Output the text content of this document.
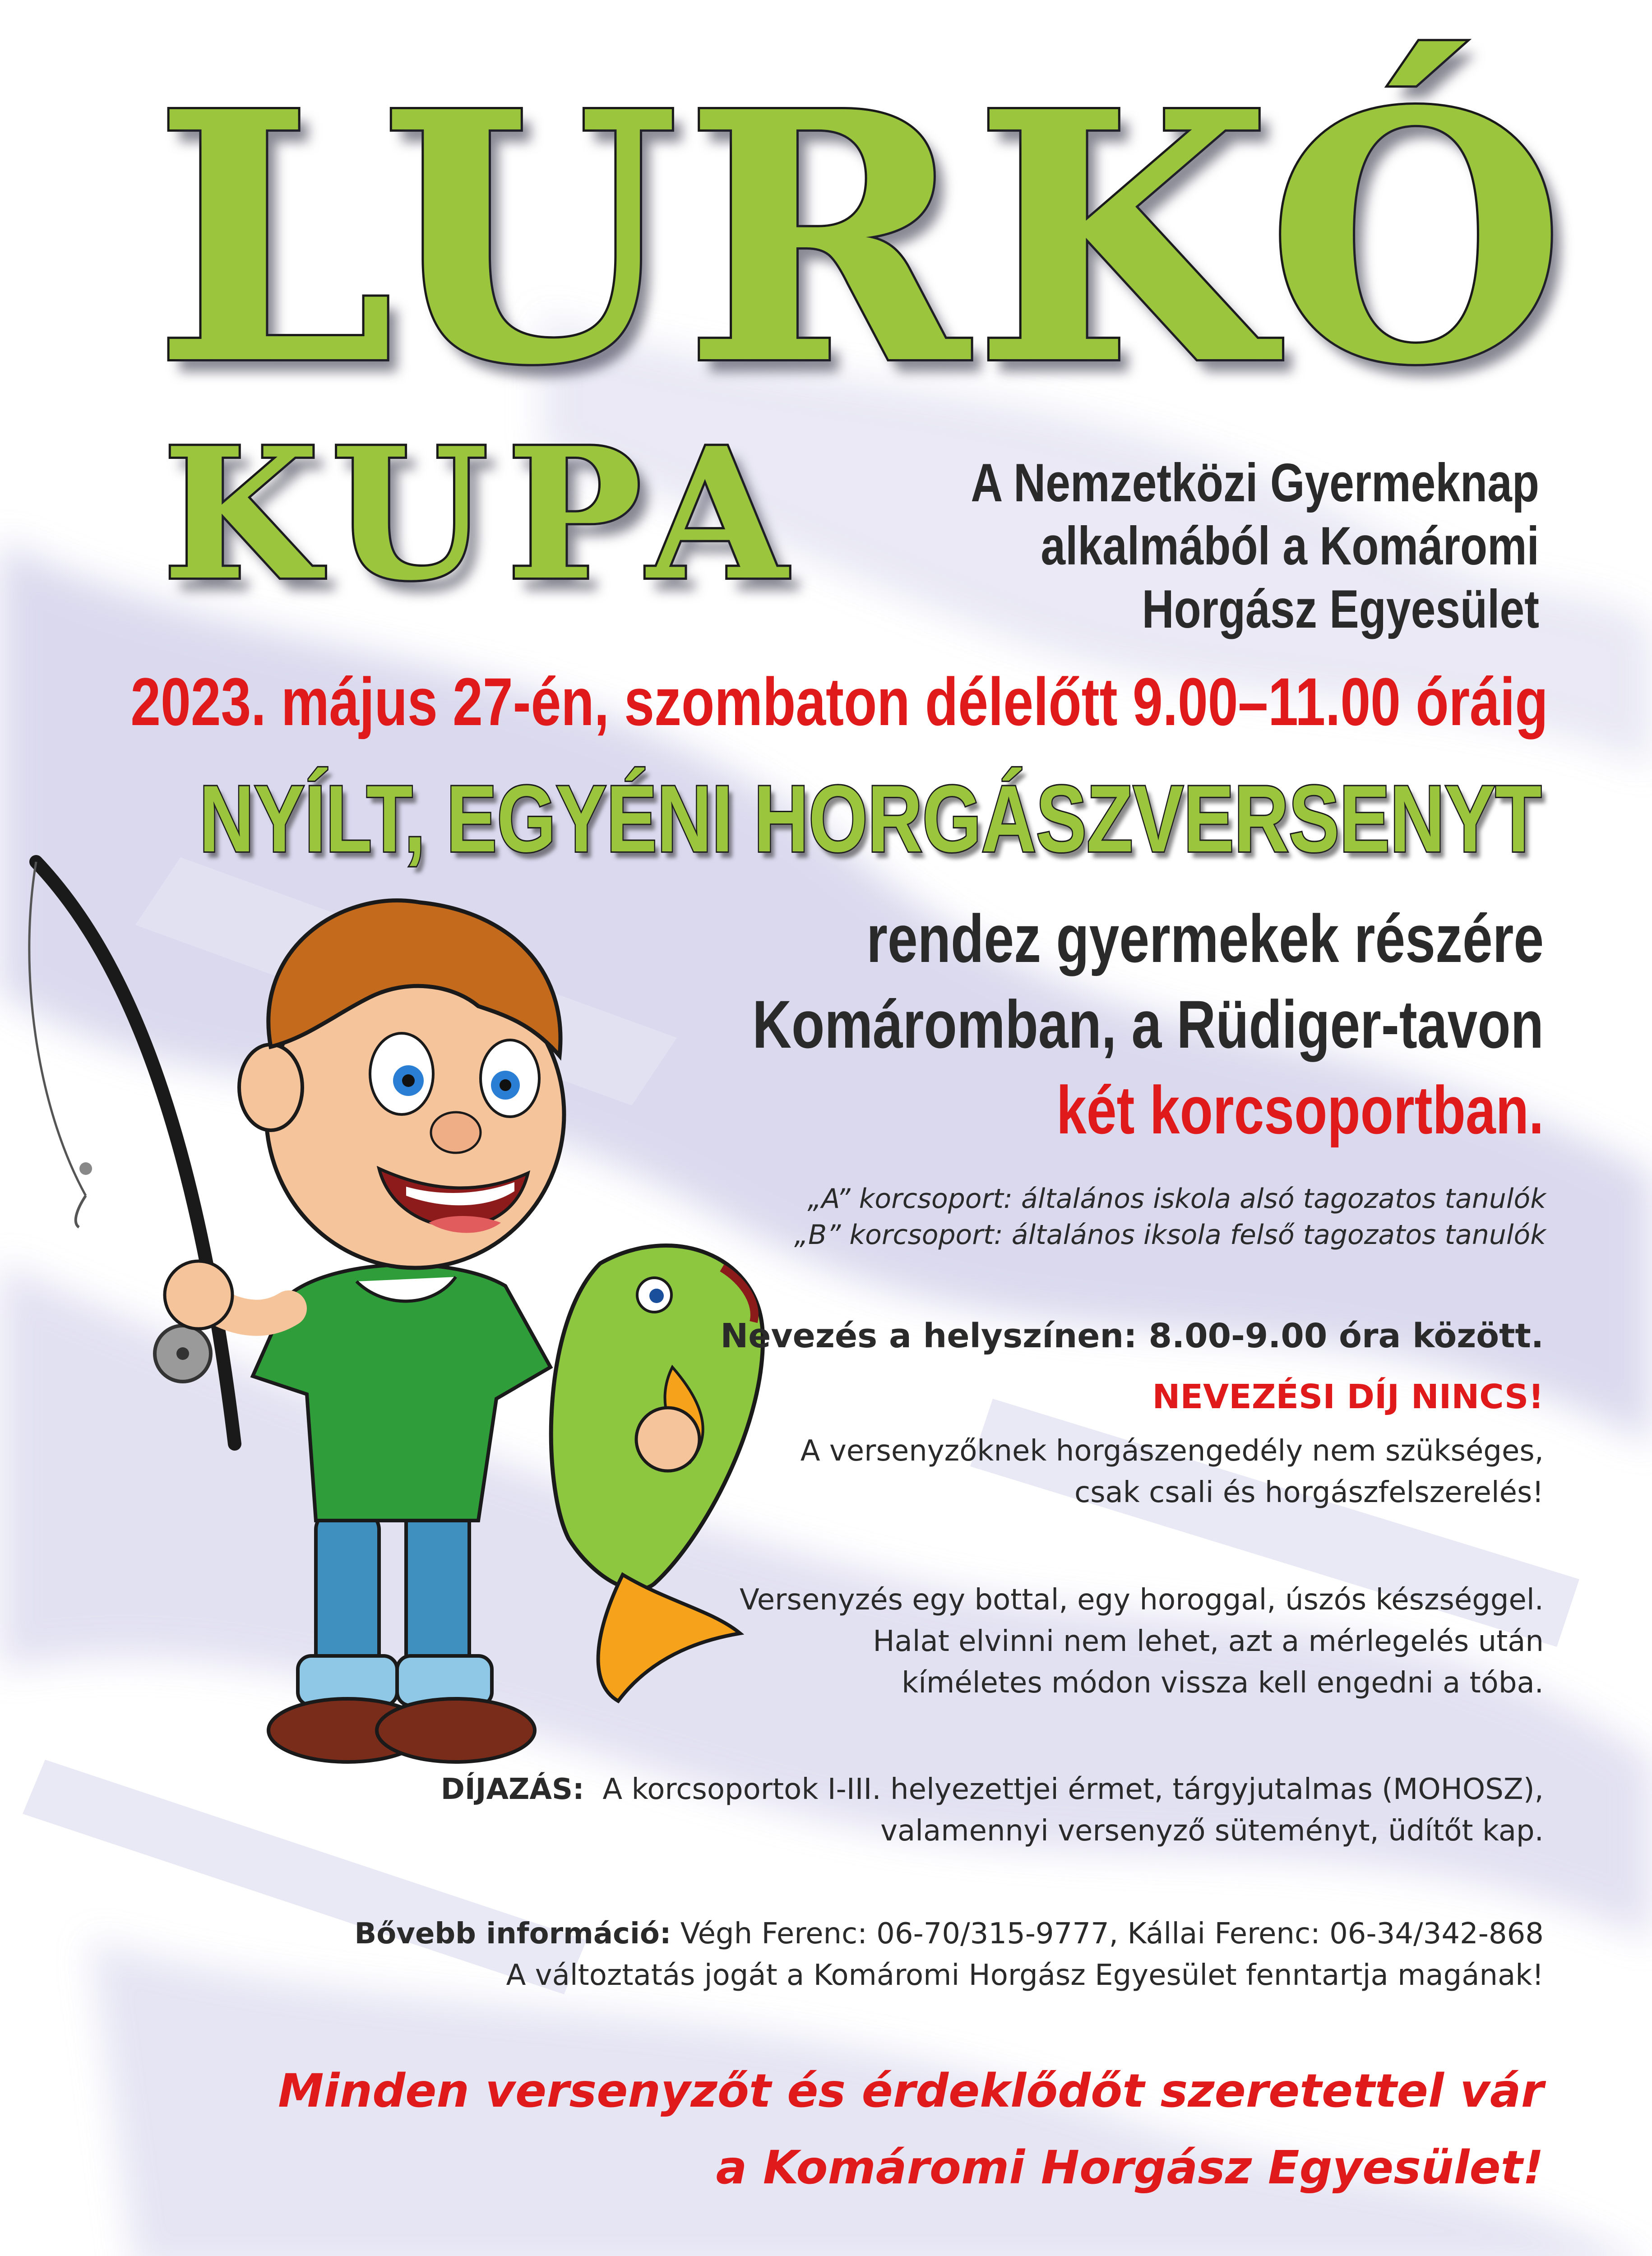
LURKÓ
KUPA	A Nemzetközi Gyermeknap
alkalmából a Komáromi
Horgász Egyesület
2023. május 27-én, szombaton délelőtt 9.00–11.00 óráig
NYÍLT, EGYÉNI HORGÁSZVERSENYT
rendez gyermekek részére
Komáromban, a Rüdiger-tavon
két korcsoportban.
„A” korcsoport: általános iskola alsó tagozatos tanulók
„B” korcsoport: általános iksola felső tagozatos tanulók
Nevezés a helyszínen: 8.00-9.00 óra között.
NEVEZÉSI DÍJ NINCS!
A versenyzőknek horgászengedély nem szükséges,
csak csali és horgászfelszerelés!
Versenyzés egy bottal, egy horoggal, úszós készséggel.
Halat elvinni nem lehet, azt a mérlegelés után
kíméletes módon vissza kell engedni a tóba.
DÍJAZÁS: A korcsoportok I-III. helyezettjei érmet, tárgyjutalmas (MOHOSZ),
valamennyi versenyző süteményt, üdítőt kap.
Bővebb információ: Végh Ferenc: 06-70/315-9777, Kállai Ferenc: 06-34/342-868
A változtatás jogát a Komáromi Horgász Egyesület fenntartja magának!
Minden versenyzőt és érdeklődőt szeretettel vár
a Komáromi Horgász Egyesület!
